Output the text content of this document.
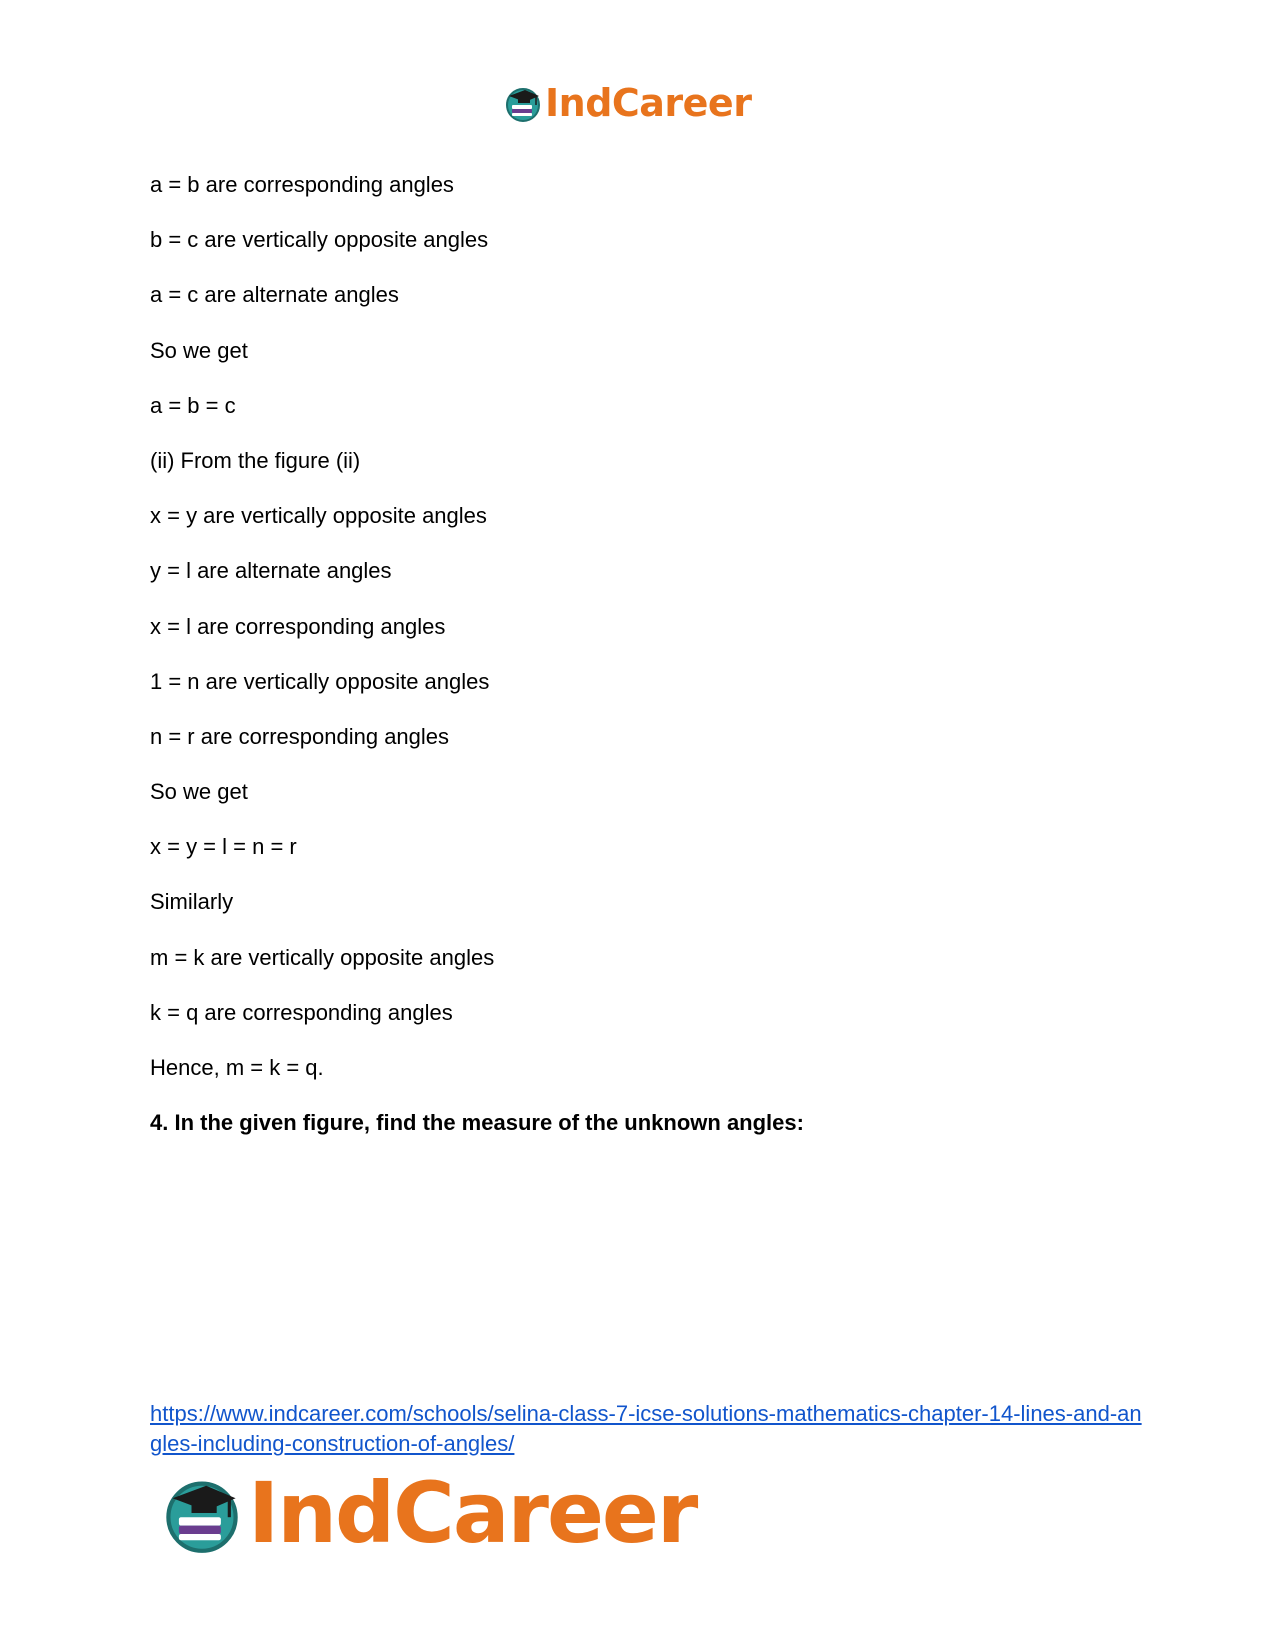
IndCareer
a = b are corresponding angles
b = c are vertically opposite angles
a = c are alternate angles
So we get
a = b = c
(ii) From the figure (ii)
x = y are vertically opposite angles
y = l are alternate angles
x = l are corresponding angles
1 = n are vertically opposite angles
n = r are corresponding angles
So we get
x = y = l = n = r
Similarly
m = k are vertically opposite angles
k = q are corresponding angles
Hence, m = k = q.
4. In the given figure, find the measure of the unknown angles:
https://www.indcareer.com/schools/selina-class-7-icse-solutions-mathematics-chapter-14-lines-and-angles-including-construction-of-angles/
IndCareer
